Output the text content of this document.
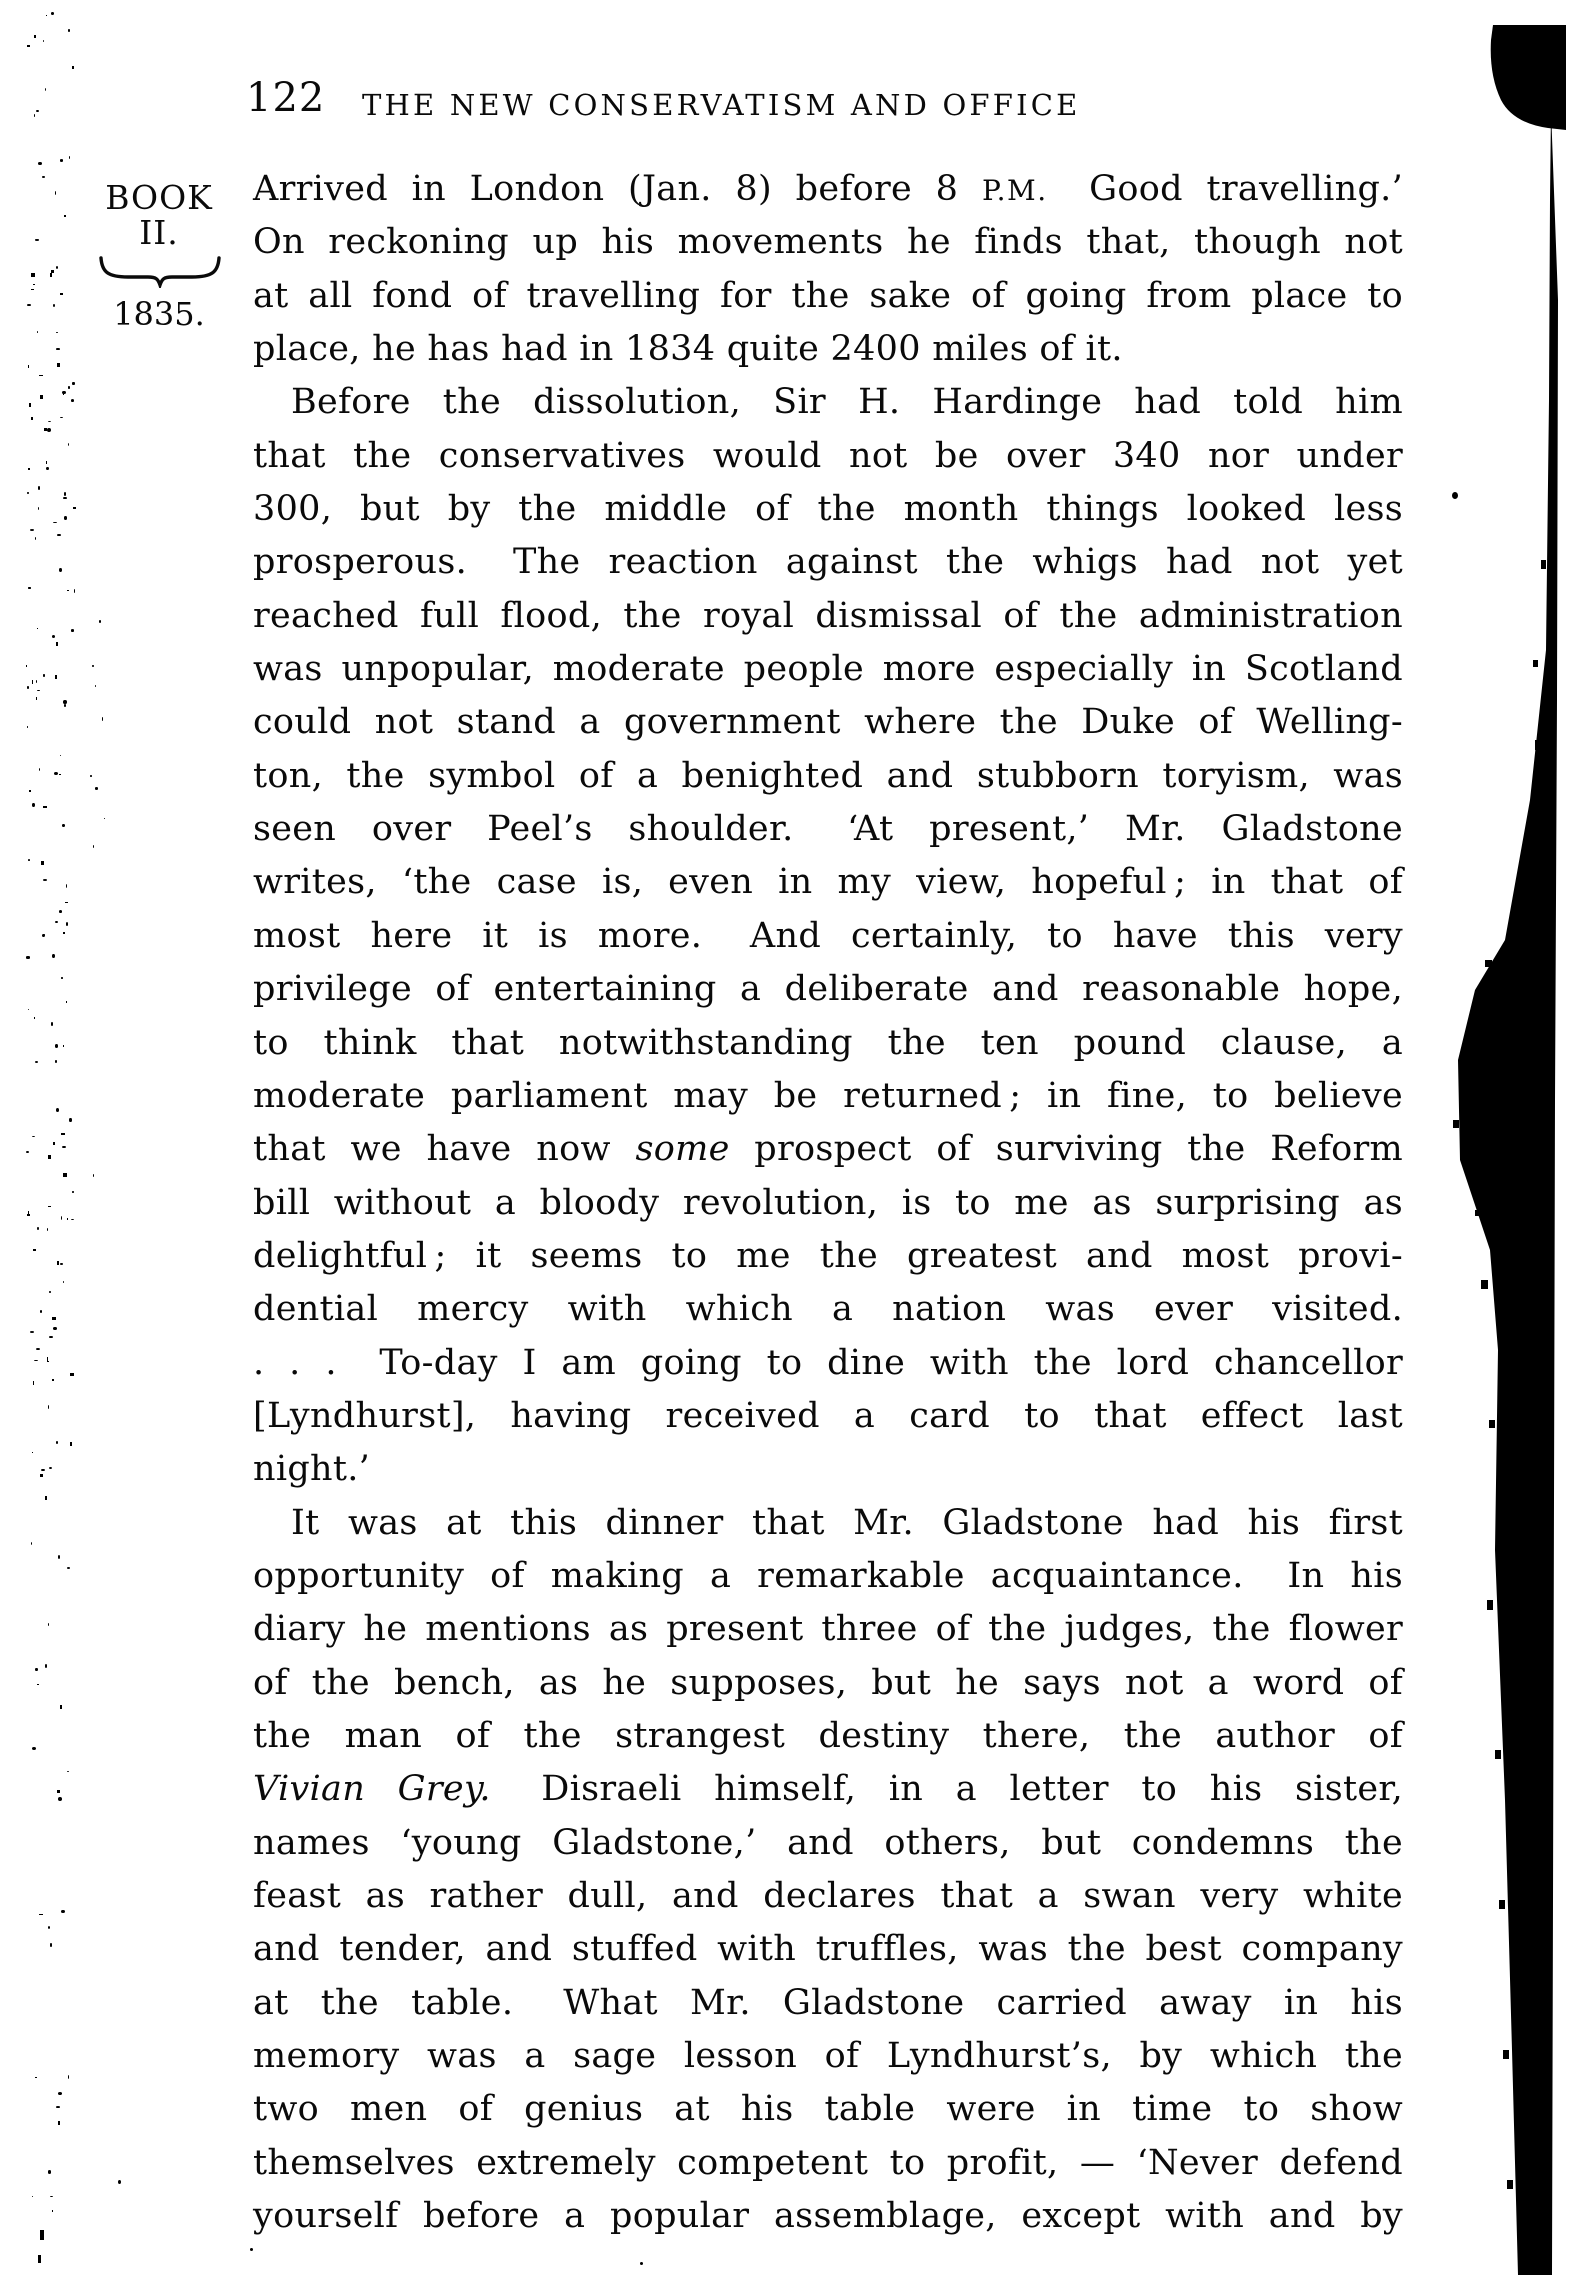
122 THE NEW CONSERVATISM AND OFFICE
BOOK
II.
1835.
Arrived in London (Jan. 8) before 8 P.M.  Good travelling.’
On reckoning up his movements he finds that, though not
at all fond of travelling for the sake of going from place to
place, he has had in 1834 quite 2400 miles of it.
Before the dissolution, Sir H. Hardinge had told him
that the conservatives would not be over 340 nor under
300, but by the middle of the month things looked less
prosperous.  The reaction against the whigs had not yet
reached full flood, the royal dismissal of the administration
was unpopular, moderate people more especially in Scotland
could not stand a government where the Duke of Welling-
ton, the symbol of a benighted and stubborn toryism, was
seen over Peel’s shoulder.  ‘At present,’ Mr. Gladstone
writes, ‘the case is, even in my view, hopeful ; in that of
most here it is more.  And certainly, to have this very
privilege of entertaining a deliberate and reasonable hope,
to think that notwithstanding the ten pound clause, a
moderate parliament may be returned ; in fine, to believe
that we have now some prospect of surviving the Reform
bill without a bloody revolution, is to me as surprising as
delightful ; it seems to me the greatest and most provi-
dential mercy with which a nation was ever visited.
. . .  To-day I am going to dine with the lord chancellor
[Lyndhurst], having received a card to that effect last
night.’
It was at this dinner that Mr. Gladstone had his first
opportunity of making a remarkable acquaintance.  In his
diary he mentions as present three of the judges, the flower
of the bench, as he supposes, but he says not a word of
the man of the strangest destiny there, the author of
Vivian Grey.  Disraeli himself, in a letter to his sister,
names ‘young Gladstone,’ and others, but condemns the
feast as rather dull, and declares that a swan very white
and tender, and stuffed with truffles, was the best company
at the table.  What Mr. Gladstone carried away in his
memory was a sage lesson of Lyndhurst’s, by which the
two men of genius at his table were in time to show
themselves extremely competent to profit, — ‘Never defend
yourself before a popular assemblage, except with and by
